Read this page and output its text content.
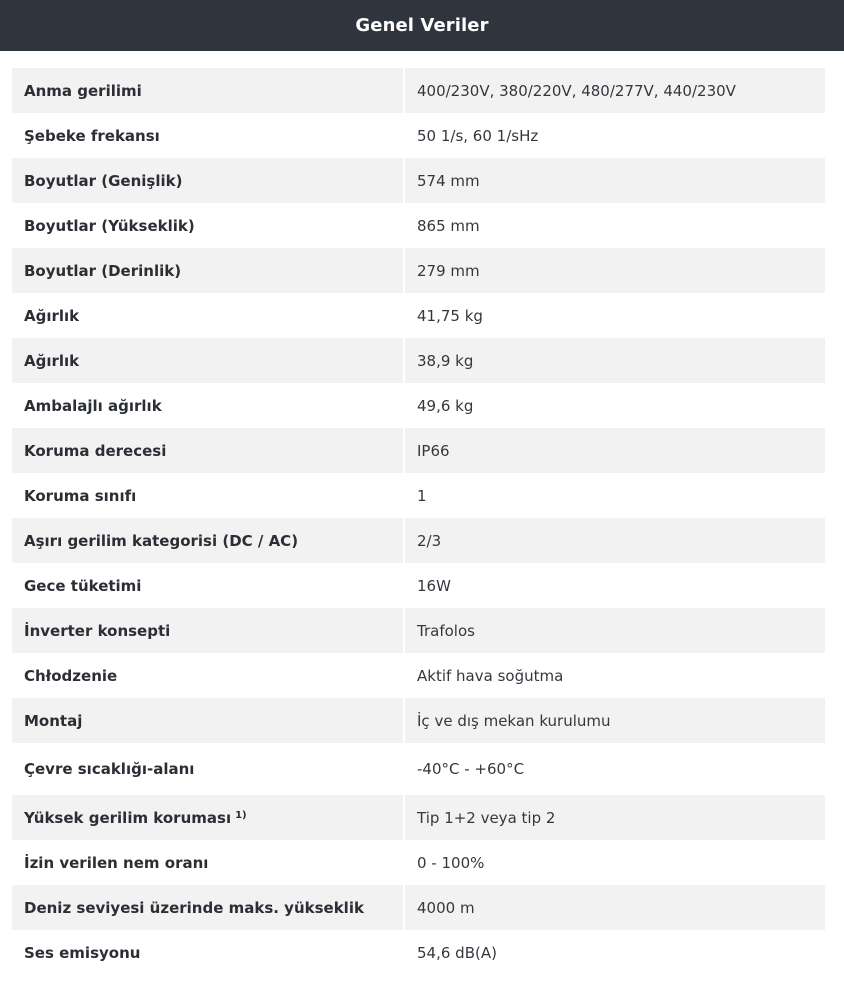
Genel Veriler
Anma gerilimi	400/230V, 380/220V, 480/277V, 440/230V
Şebeke frekansı	50 1/s, 60 1/sHz
Boyutlar (Genişlik)	574 mm
Boyutlar (Yükseklik)	865 mm
Boyutlar (Derinlik)	279 mm
Ağırlık	41,75 kg
Ağırlık	38,9 kg
Ambalajlı ağırlık	49,6 kg
Koruma derecesi	IP66
Koruma sınıfı	1
Aşırı gerilim kategorisi (DC / AC)	2/3
Gece tüketimi	16W
İnverter konsepti	Trafolos
Chłodzenie	Aktif hava soğutma
Montaj	İç ve dış mekan kurulumu
Çevre sıcaklığı-alanı	-40°C - +60°C
Yüksek gerilim koruması $^{1)}$	Tip 1+2 veya tip 2
İzin verilen nem oranı	0 - 100%
Deniz seviyesi üzerinde maks. yükseklik	4000 m
Ses emisyonu	54,6 dB(A)
